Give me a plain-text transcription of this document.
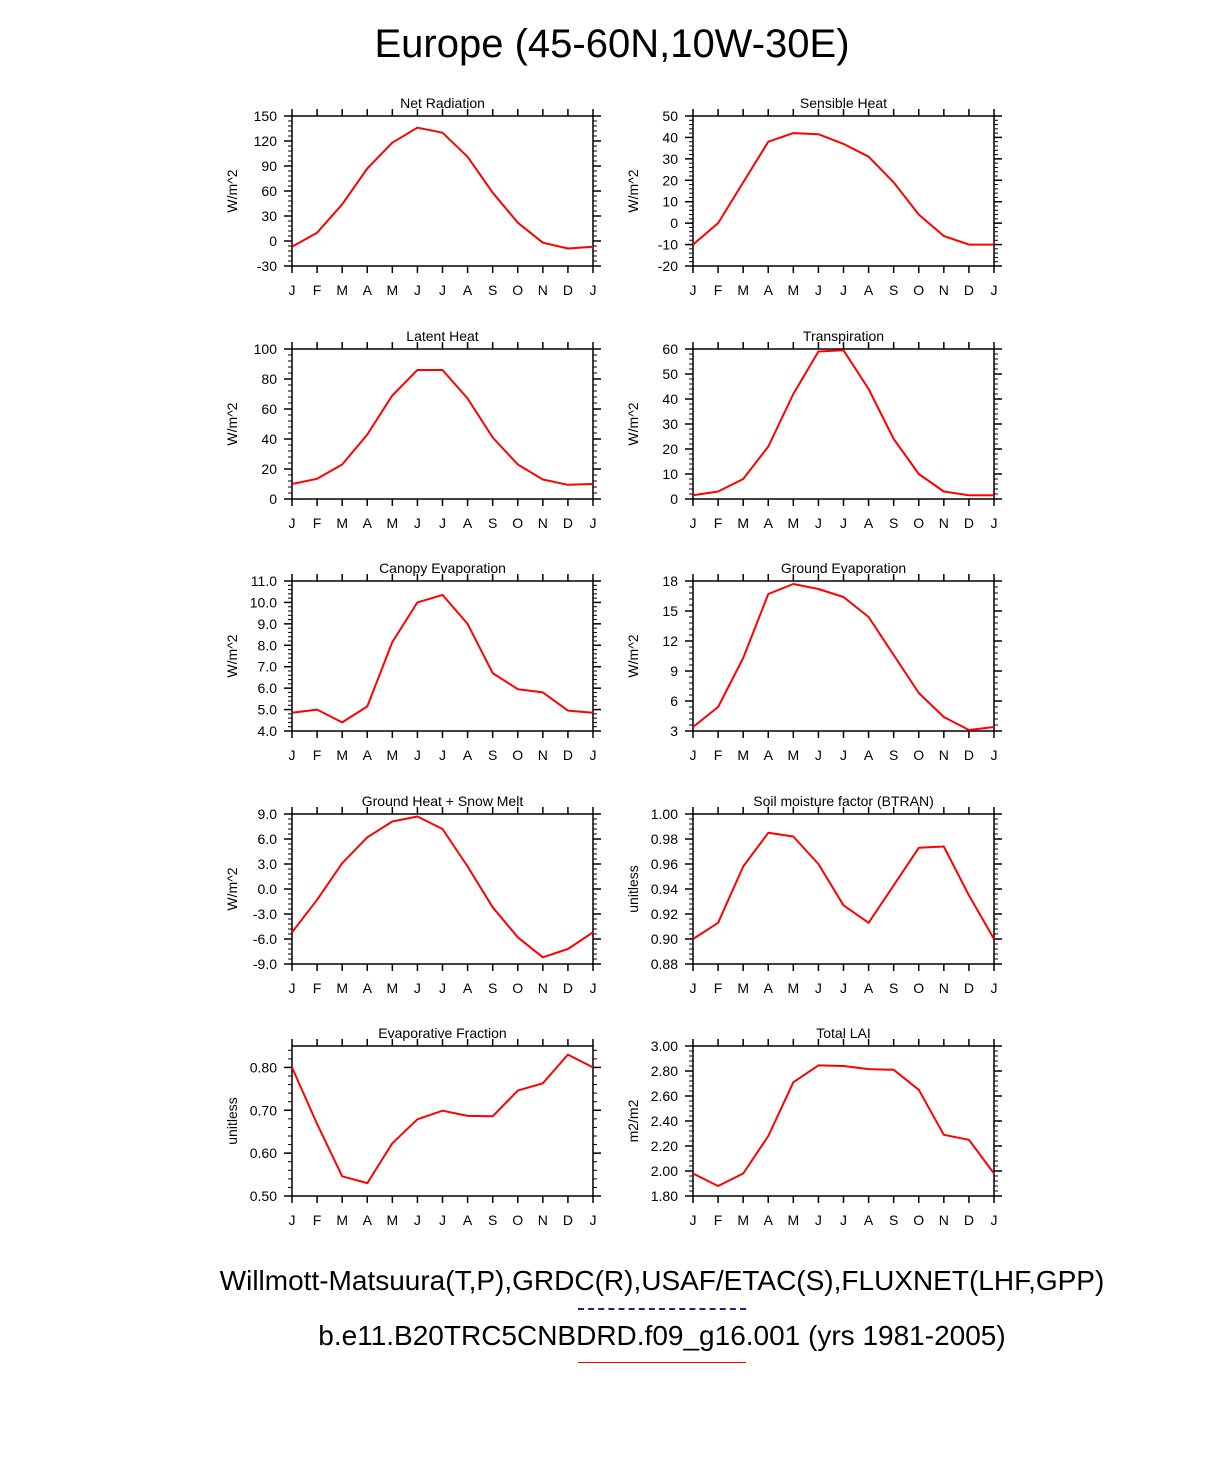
Europe (45-60N,10W-30E)
J F M A M J J A S O N D J
-30
0
30
60
90
120
150
Net Radiation
W/m^2
J F M A M J J A S O N D J
-20
-10
0
10
20
30
40
50
Sensible Heat
W/m^2
J F M A M J J A S O N D J
0
20
40
60
80
100
Latent Heat
W/m^2
J F M A M J J A S O N D J
0
10
20
30
40
50
60
Transpiration
W/m^2
J F M A M J J A S O N D J
4.0
5.0
6.0
7.0
8.0
9.0
10.0
11.0
Canopy Evaporation
W/m^2
J F M A M J J A S O N D J
3
6
9
12
15
18
Ground Evaporation
W/m^2
J F M A M J J A S O N D J
-9.0
-6.0
-3.0
0.0
3.0
6.0
9.0
Ground Heat + Snow Melt
W/m^2
J F M A M J J A S O N D J
0.88
0.90
0.92
0.94
0.96
0.98
1.00
Soil moisture factor (BTRAN)
unitless
J F M A M J J A S O N D J
0.50
0.60
0.70
0.80
Evaporative Fraction
unitless
J F M A M J J A S O N D J
1.80
2.00
2.20
2.40
2.60
2.80
3.00
Total LAI
m2/m2
Willmott-Matsuura(T,P),GRDC(R),USAF/ETAC(S),FLUXNET(LHF,GPP)
b.e11.B20TRC5CNBDRD.f09_g16.001 (yrs 1981-2005)
